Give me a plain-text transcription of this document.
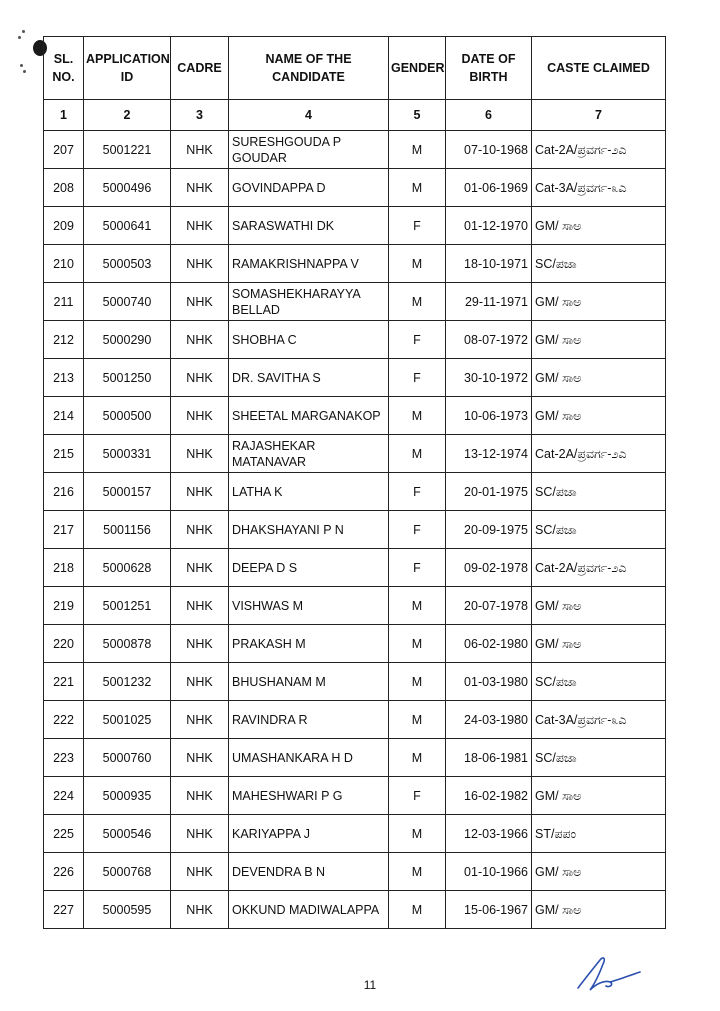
SL. NO.	APPLICATION ID	CADRE	NAME OF THE CANDIDATE	GENDER	DATE OF BIRTH	CASTE CLAIMED
1	2	3	4	5	6	7
207	5001221	NHK	SURESHGOUDA P GOUDAR	M	07-10-1968	Cat-2A/ಪ್ರವರ್ಗ-೨ಎ
208	5000496	NHK	GOVINDAPPA D	M	01-06-1969	Cat-3A/ಪ್ರವರ್ಗ-೩ಎ
209	5000641	NHK	SARASWATHI DK	F	01-12-1970	GM/ ಸಾಅ
210	5000503	NHK	RAMAKRISHNAPPA V	M	18-10-1971	SC/ಪಜಾ
211	5000740	NHK	SOMASHEKHARAYYA BELLAD	M	29-11-1971	GM/ ಸಾಅ
212	5000290	NHK	SHOBHA C	F	08-07-1972	GM/ ಸಾಅ
213	5001250	NHK	DR. SAVITHA S	F	30-10-1972	GM/ ಸಾಅ
214	5000500	NHK	SHEETAL MARGANAKOP	M	10-06-1973	GM/ ಸಾಅ
215	5000331	NHK	RAJASHEKAR MATANAVAR	M	13-12-1974	Cat-2A/ಪ್ರವರ್ಗ-೨ಎ
216	5000157	NHK	LATHA K	F	20-01-1975	SC/ಪಜಾ
217	5001156	NHK	DHAKSHAYANI P N	F	20-09-1975	SC/ಪಜಾ
218	5000628	NHK	DEEPA D S	F	09-02-1978	Cat-2A/ಪ್ರವರ್ಗ-೨ಎ
219	5001251	NHK	VISHWAS M	M	20-07-1978	GM/ ಸಾಅ
220	5000878	NHK	PRAKASH M	M	06-02-1980	GM/ ಸಾಅ
221	5001232	NHK	BHUSHANAM M	M	01-03-1980	SC/ಪಜಾ
222	5001025	NHK	RAVINDRA R	M	24-03-1980	Cat-3A/ಪ್ರವರ್ಗ-೩ಎ
223	5000760	NHK	UMASHANKARA H D	M	18-06-1981	SC/ಪಜಾ
224	5000935	NHK	MAHESHWARI P G	F	16-02-1982	GM/ ಸಾಅ
225	5000546	NHK	KARIYAPPA J	M	12-03-1966	ST/ಪಪಂ
226	5000768	NHK	DEVENDRA B N	M	01-10-1966	GM/ ಸಾಅ
227	5000595	NHK	OKKUND MADIWALAPPA	M	15-06-1967	GM/ ಸಾಅ
11
